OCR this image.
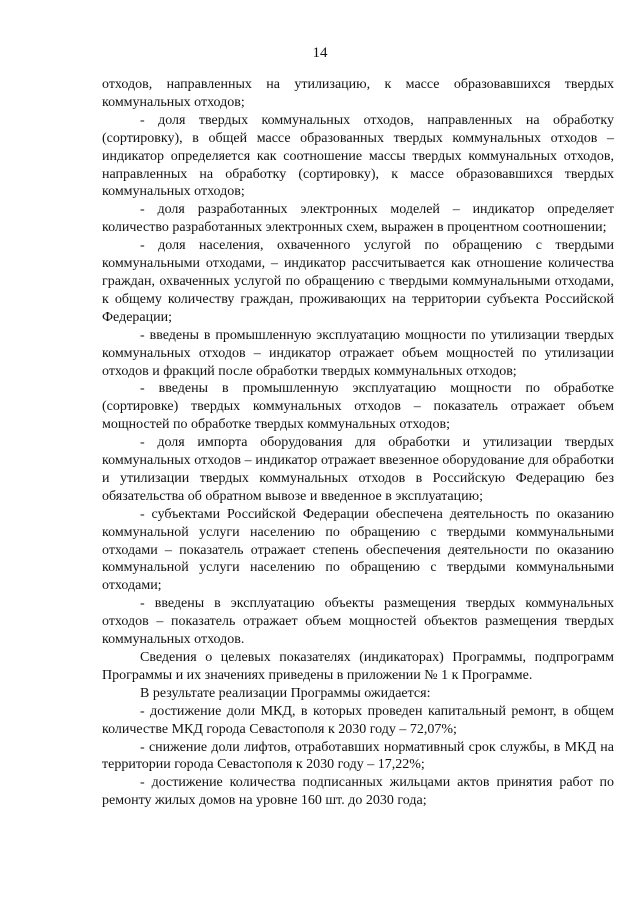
14

отходов, направленных на утилизацию, к массе образовавшихся твердых коммунальных отходов;

- доля твердых коммунальных отходов, направленных на обработку (сортировку), в общей массе образованных твердых коммунальных отходов – индикатор определяется как соотношение массы твердых коммунальных отходов, направленных на обработку (сортировку), к массе образовавшихся твердых коммунальных отходов;

- доля разработанных электронных моделей – индикатор определяет количество разработанных электронных схем, выражен в процентном соотношении;

- доля населения, охваченного услугой по обращению с твердыми коммунальными отходами, – индикатор рассчитывается как отношение количества граждан, охваченных услугой по обращению с твердыми коммунальными отходами, к общему количеству граждан, проживающих на территории субъекта Российской Федерации;

- введены в промышленную эксплуатацию мощности по утилизации твердых коммунальных отходов – индикатор отражает объем мощностей по утилизации отходов и фракций после обработки твердых коммунальных отходов;

- введены в промышленную эксплуатацию мощности по обработке (сортировке) твердых коммунальных отходов – показатель отражает объем мощностей по обработке твердых коммунальных отходов;

- доля импорта оборудования для обработки и утилизации твердых коммунальных отходов – индикатор отражает ввезенное оборудование для обработки и утилизации твердых коммунальных отходов в Российскую Федерацию без обязательства об обратном вывозе и введенное в эксплуатацию;

- субъектами Российской Федерации обеспечена деятельность по оказанию коммунальной услуги населению по обращению с твердыми коммунальными отходами – показатель отражает степень обеспечения деятельности по оказанию коммунальной услуги населению по обращению с твердыми коммунальными отходами;

- введены в эксплуатацию объекты размещения твердых коммунальных отходов – показатель отражает объем мощностей объектов размещения твердых коммунальных отходов.

Сведения о целевых показателях (индикаторах) Программы, подпрограмм Программы и их значениях приведены в приложении № 1 к Программе.

В результате реализации Программы ожидается:

- достижение доли МКД, в которых проведен капитальный ремонт, в общем количестве МКД города Севастополя к 2030 году – 72,07%;

- снижение доли лифтов, отработавших нормативный срок службы, в МКД на территории города Севастополя к 2030 году – 17,22%;

- достижение количества подписанных жильцами актов принятия работ по ремонту жилых домов на уровне 160 шт. до 2030 года;
